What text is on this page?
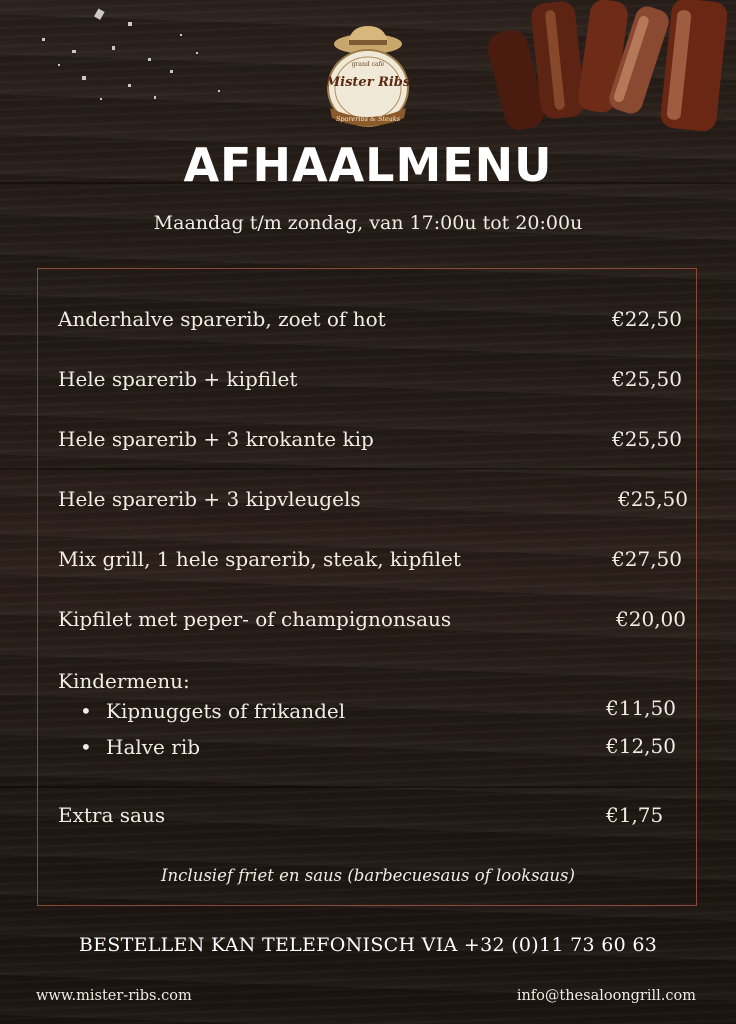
grand café
Mister Ribs
Spareribs & Steaks
AFHAALMENU
Maandag t/m zondag, van 17:00u tot 20:00u
Anderhalve sparerib, zoet of hot	€22,50
Hele sparerib + kipfilet	€25,50
Hele sparerib + 3 krokante kip	€25,50
Hele sparerib + 3 kipvleugels	€25,50
Mix grill, 1 hele sparerib, steak, kipfilet	€27,50
Kipfilet met peper- of champignonsaus	€20,00
Kindermenu:
• Kipnuggets of frikandel	€11,50
• Halve rib	€12,50
Extra saus	€1,75
Inclusief friet en saus (barbecuesaus of looksaus)
BESTELLEN KAN TELEFONISCH VIA +32 (0)11 73 60 63
www.mister-ribs.com	info@thesaloongrill.com
